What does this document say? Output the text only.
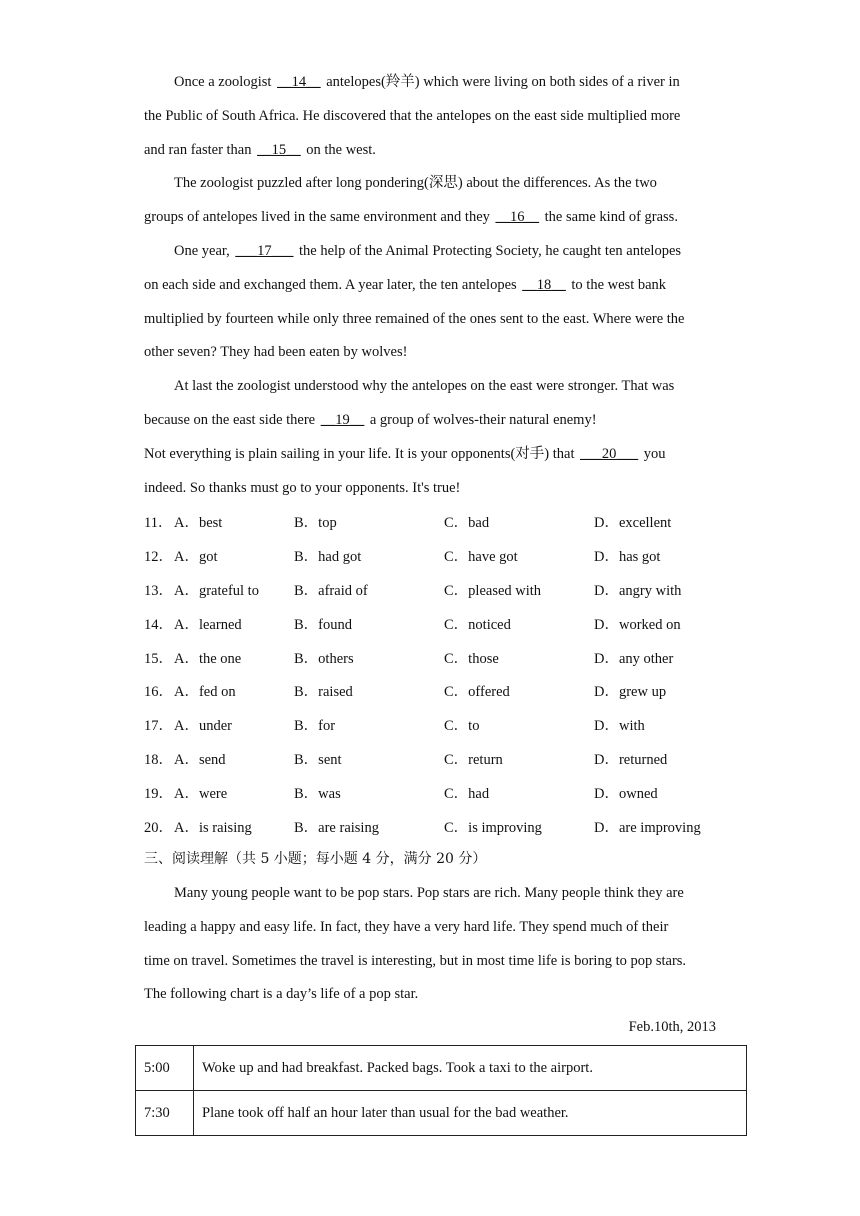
Once a zoologist __14__ antelopes(羚羊) which were living on both sides of a river in

the Public of South Africa. He discovered that the antelopes on the east side multiplied more

and ran faster than __15__ on the west.

The zoologist puzzled after long pondering(深思) about the differences. As the two

groups of antelopes lived in the same environment and they __16__ the same kind of grass.

One year, ___17___ the help of the Animal Protecting Society, he caught ten antelopes

on each side and exchanged them. A year later, the ten antelopes __18__ to the west bank

multiplied by fourteen while only three remained of the ones sent to the east. Where were the

other seven? They had been eaten by wolves!

At last the zoologist understood why the antelopes on the east were stronger. That was

because on the east side there __19__ a group of wolves-their natural enemy!

Not everything is plain sailing in your life. It is your opponents(对手) that ___20___ you

indeed. So thanks must go to your opponents. It's true!

11． A．best	B．top	C．bad	D．excellent
12． A．got	B．had got	C．have got	D．has got
13． A．grateful to	B．afraid of	C．pleased with	D．angry with
14． A．learned	B．found	C．noticed	D．worked on
15． A．the one	B．others	C．those	D．any other
16． A．fed on	B．raised	C．offered	D．grew up
17． A．under	B．for	C．to	D．with
18． A．send	B．sent	C．return	D．returned
19． A．were	B．was	C．had	D．owned
20． A．is raising	B．are raising	C．is improving	D．are improving
三、阅读理解（共 5 小题；每小题 4 分，满分 20 分）

Many young people want to be pop stars. Pop stars are rich. Many people think they are

leading a happy and easy life. In fact, they have a very hard life. They spend much of their

time on travel. Sometimes the travel is interesting, but in most time life is boring to pop stars.

The following chart is a day’s life of a pop star.

Feb.10th, 2013
5:00	Woke up and had breakfast. Packed bags. Took a taxi to the airport.
7:30	Plane took off half an hour later than usual for the bad weather.
